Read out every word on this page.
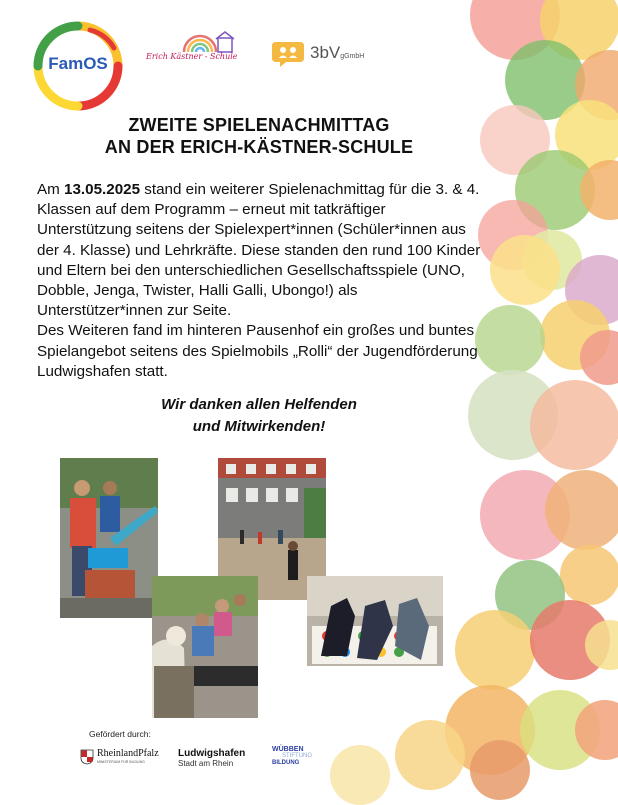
FamOS	Erich Kästner - Schule	3bVgGmbH
ZWEITE SPIELENACHMITTAG
AN DER ERICH-KÄSTNER-SCHULE

Am 13.05.2025 stand ein weiterer Spielenachmittag für die 3. & 4. Klassen auf dem Programm – erneut mit tatkräftiger Unterstützung seitens der Spielexpert*innen (Schüler*innen aus der 4. Klasse) und Lehrkräfte. Diese standen den rund 100 Kinder und Eltern bei den unterschiedlichen Gesellschaftsspiele (UNO, Dobble, Jenga, Twister, Halli Galli, Ubongo!) als Unterstützer*innen zur Seite.

Des Weiteren fand im hinteren Pausenhof ein großes und buntes Spielangebot seitens des Spielmobils „Rolli“ der Jugendförderung Ludwigshafen statt.

Wir danken allen Helfenden
und Mitwirkenden!
Gefördert durch:
RheinlandPfalz
MINISTERIUM FÜR BILDUNG
Ludwigshafen
Stadt am Rhein
WÜBBEN
STIFTUNG
BILDUNG
